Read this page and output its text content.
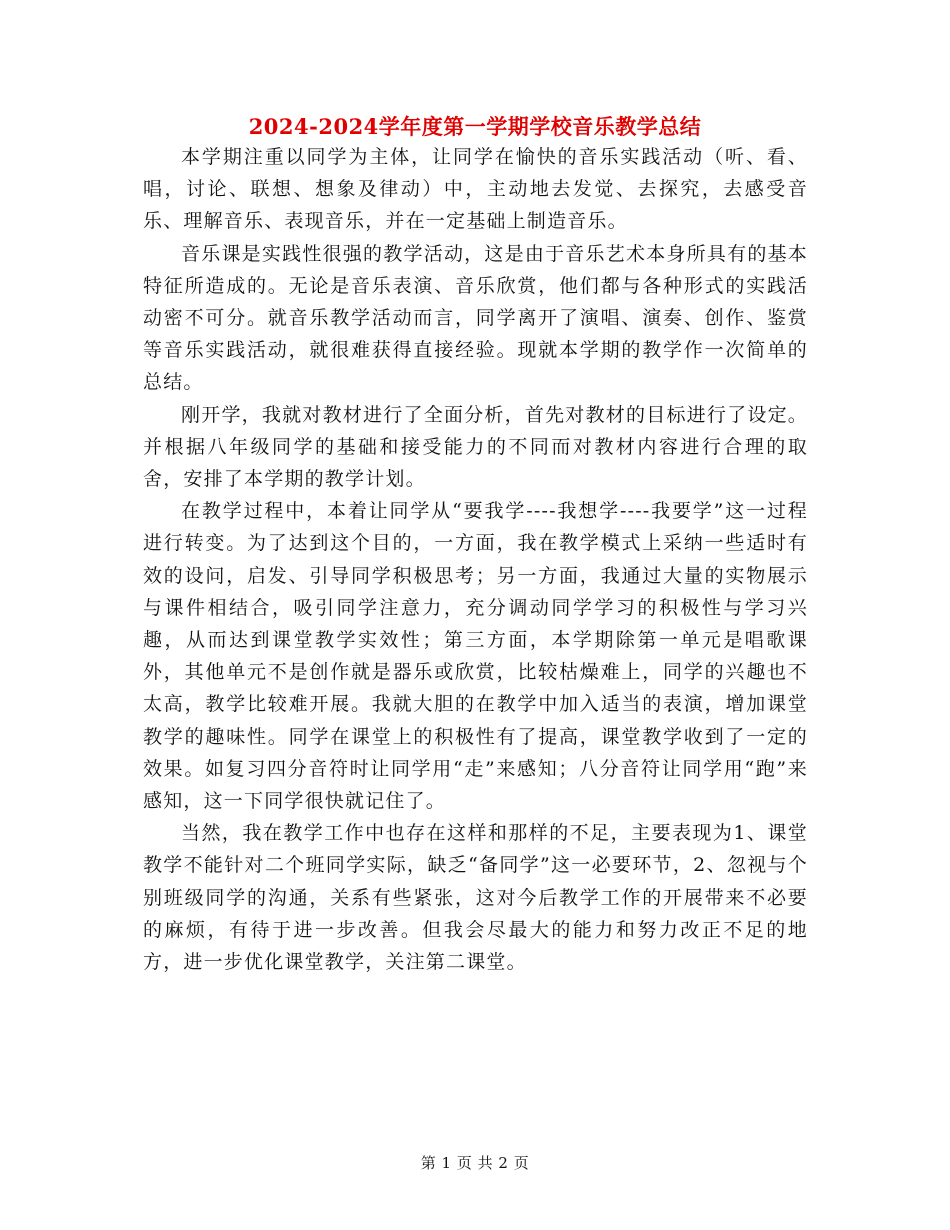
2024-2024学年度第一学期学校音乐教学总结

本学期注重以同学为主体，让同学在愉快的音乐实践活动（听、看、唱，讨论、联想、想象及律动）中，主动地去发觉、去探究，去感受音乐、理解音乐、表现音乐，并在一定基础上制造音乐。

音乐课是实践性很强的教学活动，这是由于音乐艺术本身所具有的基本特征所造成的。无论是音乐表演、音乐欣赏，他们都与各种形式的实践活动密不可分。就音乐教学活动而言，同学离开了演唱、演奏、创作、鉴赏等音乐实践活动，就很难获得直接经验。现就本学期的教学作一次简单的总结。

刚开学，我就对教材进行了全面分析，首先对教材的目标进行了设定。并根据八年级同学的基础和接受能力的不同而对教材内容进行合理的取舍，安排了本学期的教学计划。

在教学过程中，本着让同学从“要我学----我想学----我要学”这一过程进行转变。为了达到这个目的，一方面，我在教学模式上采纳一些适时有效的设问，启发、引导同学积极思考；另一方面，我通过大量的实物展示与课件相结合，吸引同学注意力，充分调动同学学习的积极性与学习兴趣，从而达到课堂教学实效性；第三方面，本学期除第一单元是唱歌课外，其他单元不是创作就是器乐或欣赏，比较枯燥难上，同学的兴趣也不太高，教学比较难开展。我就大胆的在教学中加入适当的表演，增加课堂教学的趣味性。同学在课堂上的积极性有了提高，课堂教学收到了一定的效果。如复习四分音符时让同学用“走”来感知；八分音符让同学用“跑”来感知，这一下同学很快就记住了。

当然，我在教学工作中也存在这样和那样的不足，主要表现为1、课堂教学不能针对二个班同学实际，缺乏“备同学”这一必要环节，2、忽视与个别班级同学的沟通，关系有些紧张，这对今后教学工作的开展带来不必要的麻烦，有待于进一步改善。但我会尽最大的能力和努力改正不足的地方，进一步优化课堂教学，关注第二课堂。

第 1 页 共 2 页
